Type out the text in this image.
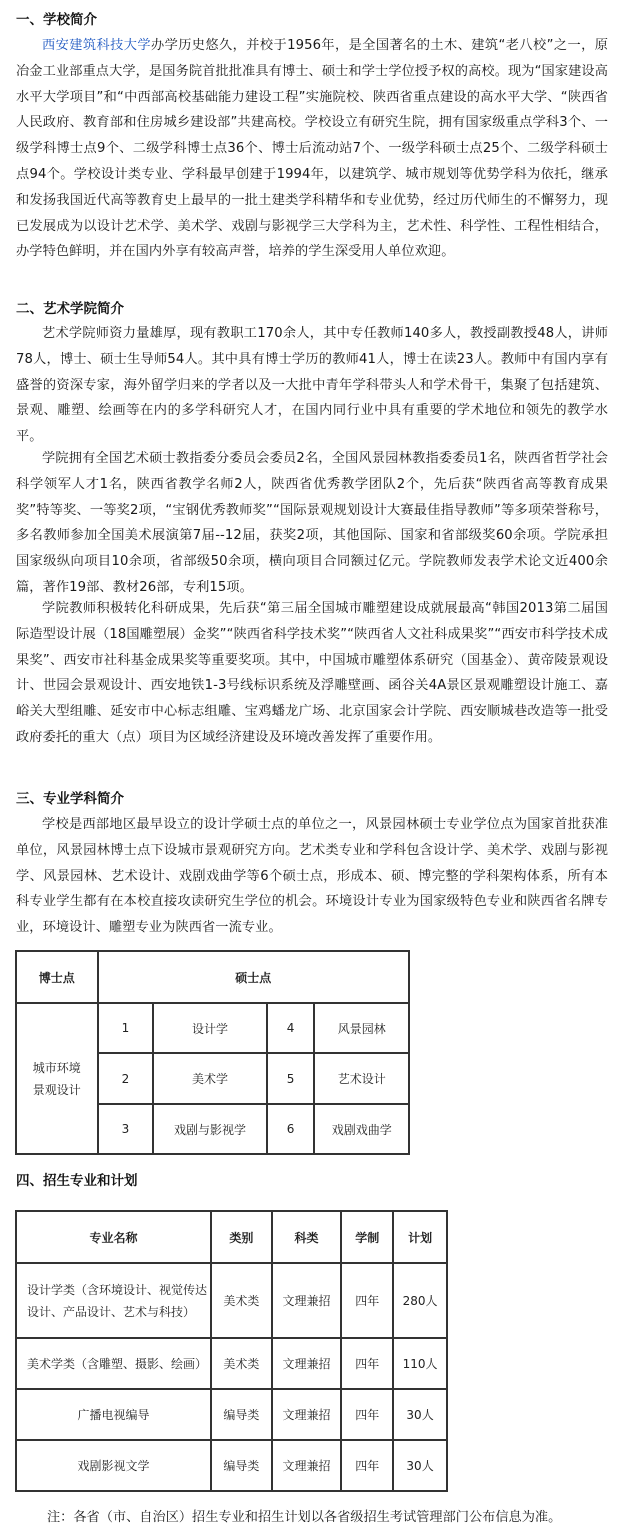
一、学校简介

西安建筑科技大学办学历史悠久，并校于1956年，是全国著名的土木、建筑“老八校”之一，原冶金工业部重点大学，是国务院首批批准具有博士、硕士和学士学位授予权的高校。现为“国家建设高水平大学项目”和“中西部高校基础能力建设工程”实施院校、陕西省重点建设的高水平大学、“陕西省人民政府、教育部和住房城乡建设部”共建高校。学校设立有研究生院，拥有国家级重点学科3个、一级学科博士点9个、二级学科博士点36个、博士后流动站7个、一级学科硕士点25个、二级学科硕士点94个。学校设计类专业、学科最早创建于1994年，以建筑学、城市规划等优势学科为依托，继承和发扬我国近代高等教育史上最早的一批土建类学科精华和专业优势，经过历代师生的不懈努力，现已发展成为以设计艺术学、美术学、戏剧与影视学三大学科为主，艺术性、科学性、工程性相结合，办学特色鲜明，并在国内外享有较高声誉，培养的学生深受用人单位欢迎。

二、艺术学院简介

艺术学院师资力量雄厚，现有教职工170余人，其中专任教师140多人，教授副教授48人，讲师78人，博士、硕士生导师54人。其中具有博士学历的教师41人，博士在读23人。教师中有国内享有盛誉的资深专家，海外留学归来的学者以及一大批中青年学科带头人和学术骨干，集聚了包括建筑、景观、雕塑、绘画等在内的多学科研究人才，在国内同行业中具有重要的学术地位和领先的教学水平。

学院拥有全国艺术硕士教指委分委员会委员2名，全国风景园林教指委委员1名，陕西省哲学社会科学领军人才1名，陕西省教学名师2人，陕西省优秀教学团队2个，先后获“陕西省高等教育成果奖”特等奖、一等奖2项，“宝钢优秀教师奖”“国际景观规划设计大赛最佳指导教师”等多项荣誉称号，多名教师参加全国美术展演第7届--12届，获奖2项，其他国际、国家和省部级奖60余项。学院承担国家级纵向项目10余项，省部级50余项，横向项目合同额过亿元。学院教师发表学术论文近400余篇，著作19部、教材26部，专利15项。

学院教师积极转化科研成果，先后获“第三届全国城市雕塑建设成就展最高“韩国2013第二届国际造型设计展（18国雕塑展）金奖”“陕西省科学技术奖”“陕西省人文社科成果奖”“西安市科学技术成果奖”、西安市社科基金成果奖等重要奖项。其中，中国城市雕塑体系研究（国基金）、黄帝陵景观设计、世园会景观设计、西安地铁1-3号线标识系统及浮雕壁画、函谷关4A景区景观雕塑设计施工、嘉峪关大型组雕、延安市中心标志组雕、宝鸡蟠龙广场、北京国家会计学院、西安顺城巷改造等一批受政府委托的重大（点）项目为区域经济建设及环境改善发挥了重要作用。

三、专业学科简介

学校是西部地区最早设立的设计学硕士点的单位之一，风景园林硕士专业学位点为国家首批获准单位，风景园林博士点下设城市景观研究方向。艺术类专业和学科包含设计学、美术学、戏剧与影视学、风景园林、艺术设计、戏剧戏曲学等6个硕士点，形成本、硕、博完整的学科架构体系，所有本科专业学生都有在本校直接攻读研究生学位的机会。环境设计专业为国家级特色专业和陕西省名牌专业，环境设计、雕塑专业为陕西省一流专业。

博士点	硕士点			
城市环境
景观设计	1	设计学	4	风景园林
	2	美术学	5	艺术设计
	3	戏剧与影视学	6	戏剧戏曲学
四、招生专业和计划
专业名称	类别	科类	学制	计划
设计学类（含环境设计、视觉传达
设计、产品设计、艺术与科技）	美术类	文理兼招	四年	280人
美术学类（含雕塑、摄影、绘画）	美术类	文理兼招	四年	110人
广播电视编导	编导类	文理兼招	四年	30人
戏剧影视文学	编导类	文理兼招	四年	30人

注：各省（市、自治区）招生专业和招生计划以各省级招生考试管理部门公布信息为准。
